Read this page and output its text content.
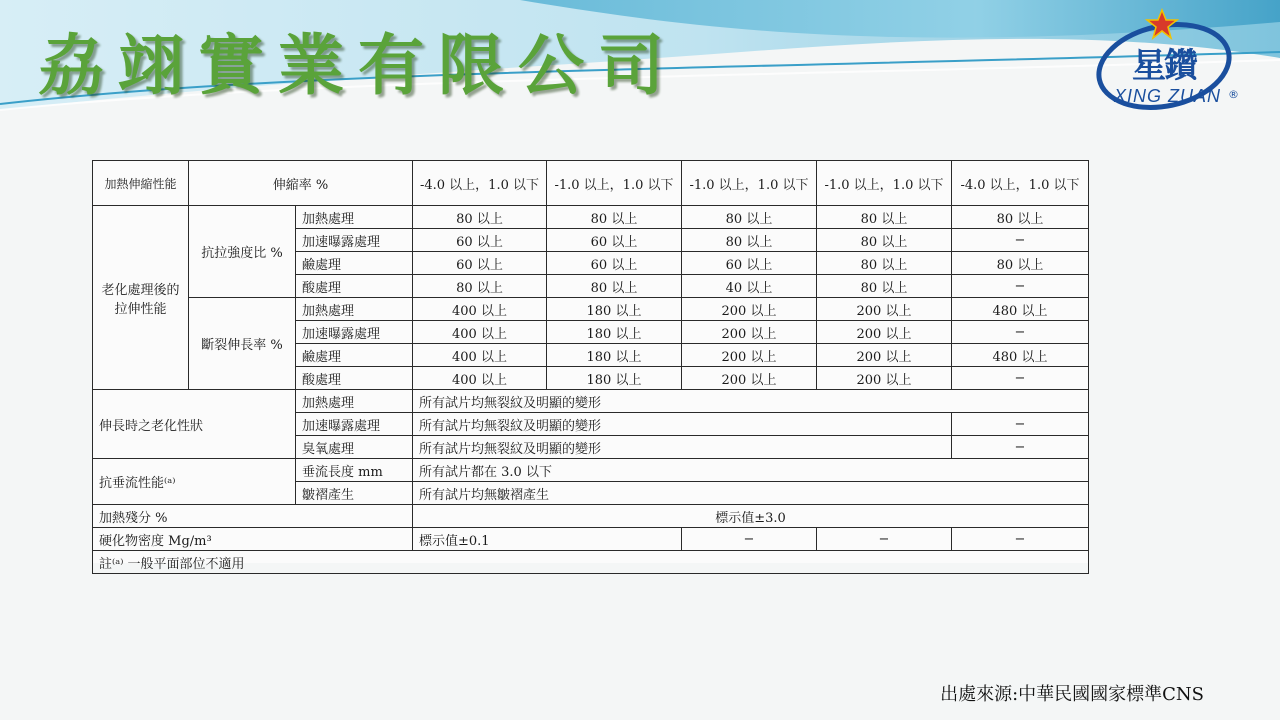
劦翊實業有限公司	星鑽
XING ZUAN ®
加熱伸縮性能	伸縮率 %		-4.0 以上，1.0 以下	-1.0 以上，1.0 以下	-1.0 以上，1.0 以下	-1.0 以上，1.0 以下	-4.0 以上，1.0 以下
老化處理後的拉伸性能	抗拉強度比 %	加熱處理	80 以上	80 以上	80 以上	80 以上	80 以上
		加速曝露處理	60 以上	60 以上	80 以上	80 以上	−
		鹼處理	60 以上	60 以上	60 以上	80 以上	80 以上
		酸處理	80 以上	80 以上	40 以上	80 以上	−
	斷裂伸長率 %	加熱處理	400 以上	180 以上	200 以上	200 以上	480 以上
		加速曝露處理	400 以上	180 以上	200 以上	200 以上	−
		鹼處理	400 以上	180 以上	200 以上	200 以上	480 以上
		酸處理	400 以上	180 以上	200 以上	200 以上	−
伸長時之老化性狀		加熱處理	所有試片均無裂紋及明顯的變形				
		加速曝露處理	所有試片均無裂紋及明顯的變形				−
		臭氧處理	所有試片均無裂紋及明顯的變形				−
抗垂流性能⁽ᵃ⁾		垂流長度 mm	所有試片都在 3.0 以下				
		皺褶產生	所有試片均無皺褶產生				
加熱殘分 %			標示值±3.0				
硬化物密度 Mg/m³			標示值±0.1		−	−	−
註⁽ᵃ⁾ 一般平面部位不適用							
出處來源:中華民國國家標準CNS
